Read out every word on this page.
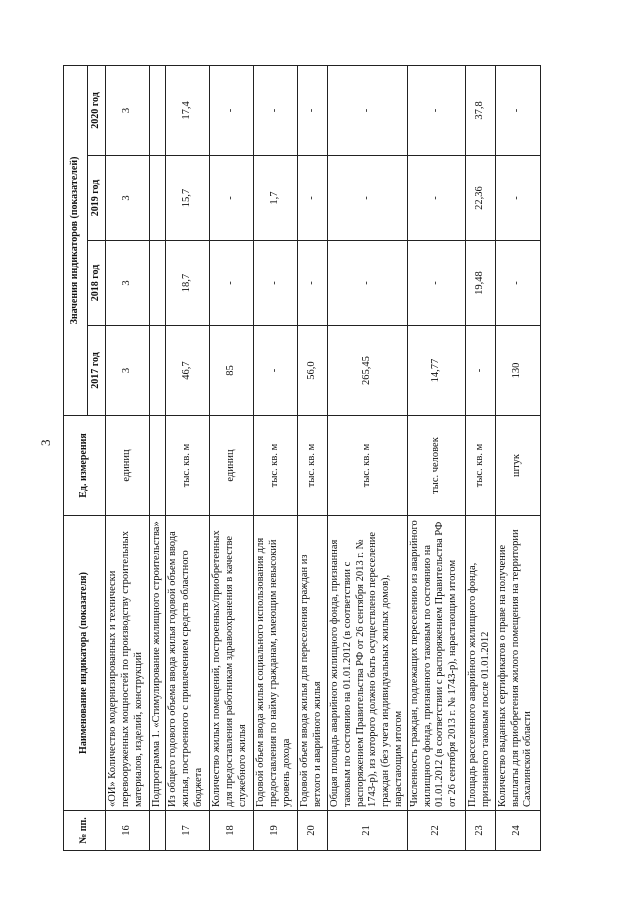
3
№ пп.	Наименование индикатора (показателя)	Ед. измерения	Значения индикаторов (показателей)			
			2017 год	2018 год	2019 год	2020 год
16	«ОИ» Количество модернизированных и технически перевооруженных мощностей по производству строительных материалов, изделий, конструкций	единиц	3	3	3	3
	Подпрограмма 1. «Стимулирование жилищного строительства»					
17	Из общего годового объема ввода жилья годовой объем ввода жилья, построенного с привлечением средств областного бюджета	тыс. кв. м	46,7	18,7	15,7	17,4
18	Количество жилых помещений, построенных/приобретенных для предоставления работникам здравоохранения в качестве служебного жилья	единиц	85	-	-	-
19	Годовой объем ввода жилья социального использования для предоставления по найму гражданам, имеющим невысокий уровень дохода	тыс. кв. м	-	-	1,7	-
20	Годовой объем ввода жилья для переселения граждан из ветхого и аварийного жилья	тыс. кв. м	56,0	-	-	-
21	Общая площадь аварийного жилищного фонда, признанная таковым по состоянию на 01.01.2012 (в соответствии с распоряжением Правительства РФ от 26 сентября 2013 г. № 1743-р), из которого должно быть осуществлено переселение граждан (без учета индивидуальных жилых домов), нарастающим итогом	тыс. кв. м	265,45	-	-	-
22	Численность граждан, подлежащих переселению из аварийного жилищного фонда, признанного таковым по состоянию на 01.01.2012 (в соответствии с распоряжением Правительства РФ от 26 сентября 2013 г. № 1743-р), нарастающим итогом	тыс. человек	14,77	-	-	-
23	Площадь расселенного аварийного жилищного фонда, признанного таковым после 01.01.2012	тыс. кв. м	-	19,48	22,36	37,8
24	Количество выданных сертификатов о праве на получение выплаты для приобретения жилого помещения на территории Сахалинской области	штук	130	-	-	-
